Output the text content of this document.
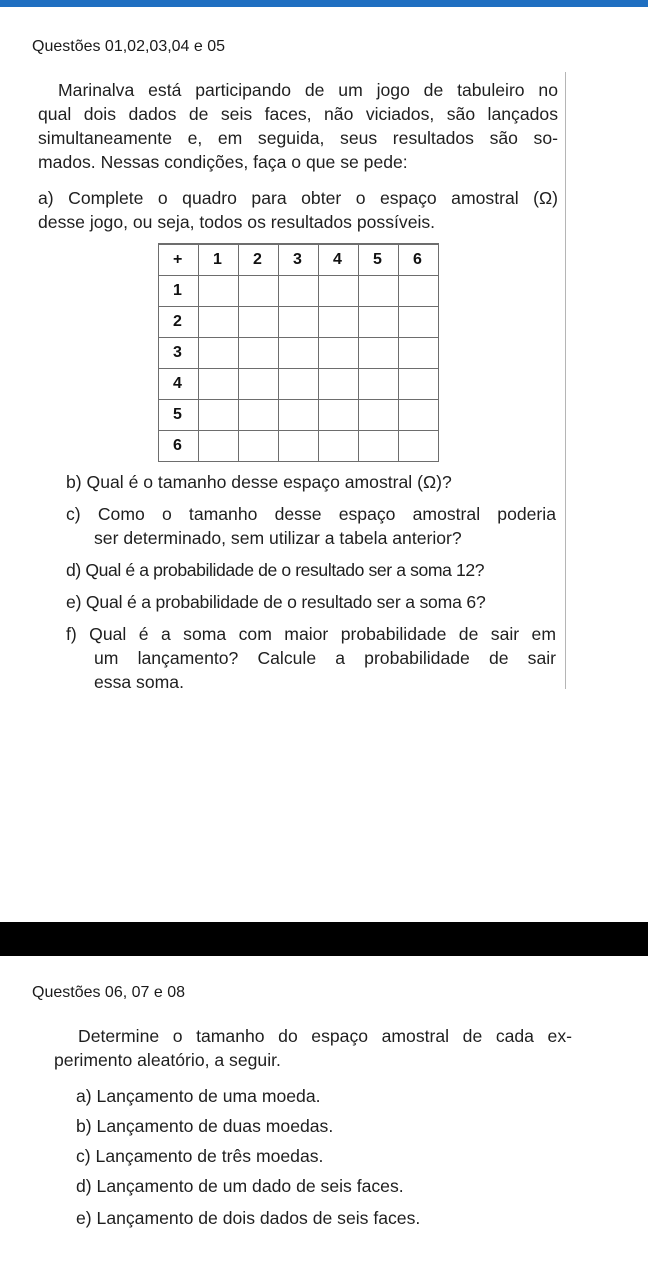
Questões 01,02,03,04 e 05
Marinalva está participando de um jogo de tabuleiro no
qual dois dados de seis faces, não viciados, são lançados
simultaneamente e, em seguida, seus resultados são so-
mados. Nessas condições, faça o que se pede:
a) Complete o quadro para obter o espaço amostral (Ω)
desse jogo, ou seja, todos os resultados possíveis.
+	1	2	3	4	5	6
1						
2						
3						
4						
5						
6						
b) Qual é o tamanho desse espaço amostral (Ω)?
c) Como o tamanho desse espaço amostral poderia
ser determinado, sem utilizar a tabela anterior?
d) Qual é a probabilidade de o resultado ser a soma 12?
e) Qual é a probabilidade de o resultado ser a soma 6?
f) Qual é a soma com maior probabilidade de sair em
um lançamento? Calcule a probabilidade de sair
essa soma.
Questões 06, 07 e 08
Determine o tamanho do espaço amostral de cada ex-
perimento aleatório, a seguir.
a) Lançamento de uma moeda.
b) Lançamento de duas moedas.
c) Lançamento de três moedas.
d) Lançamento de um dado de seis faces.
e) Lançamento de dois dados de seis faces.
